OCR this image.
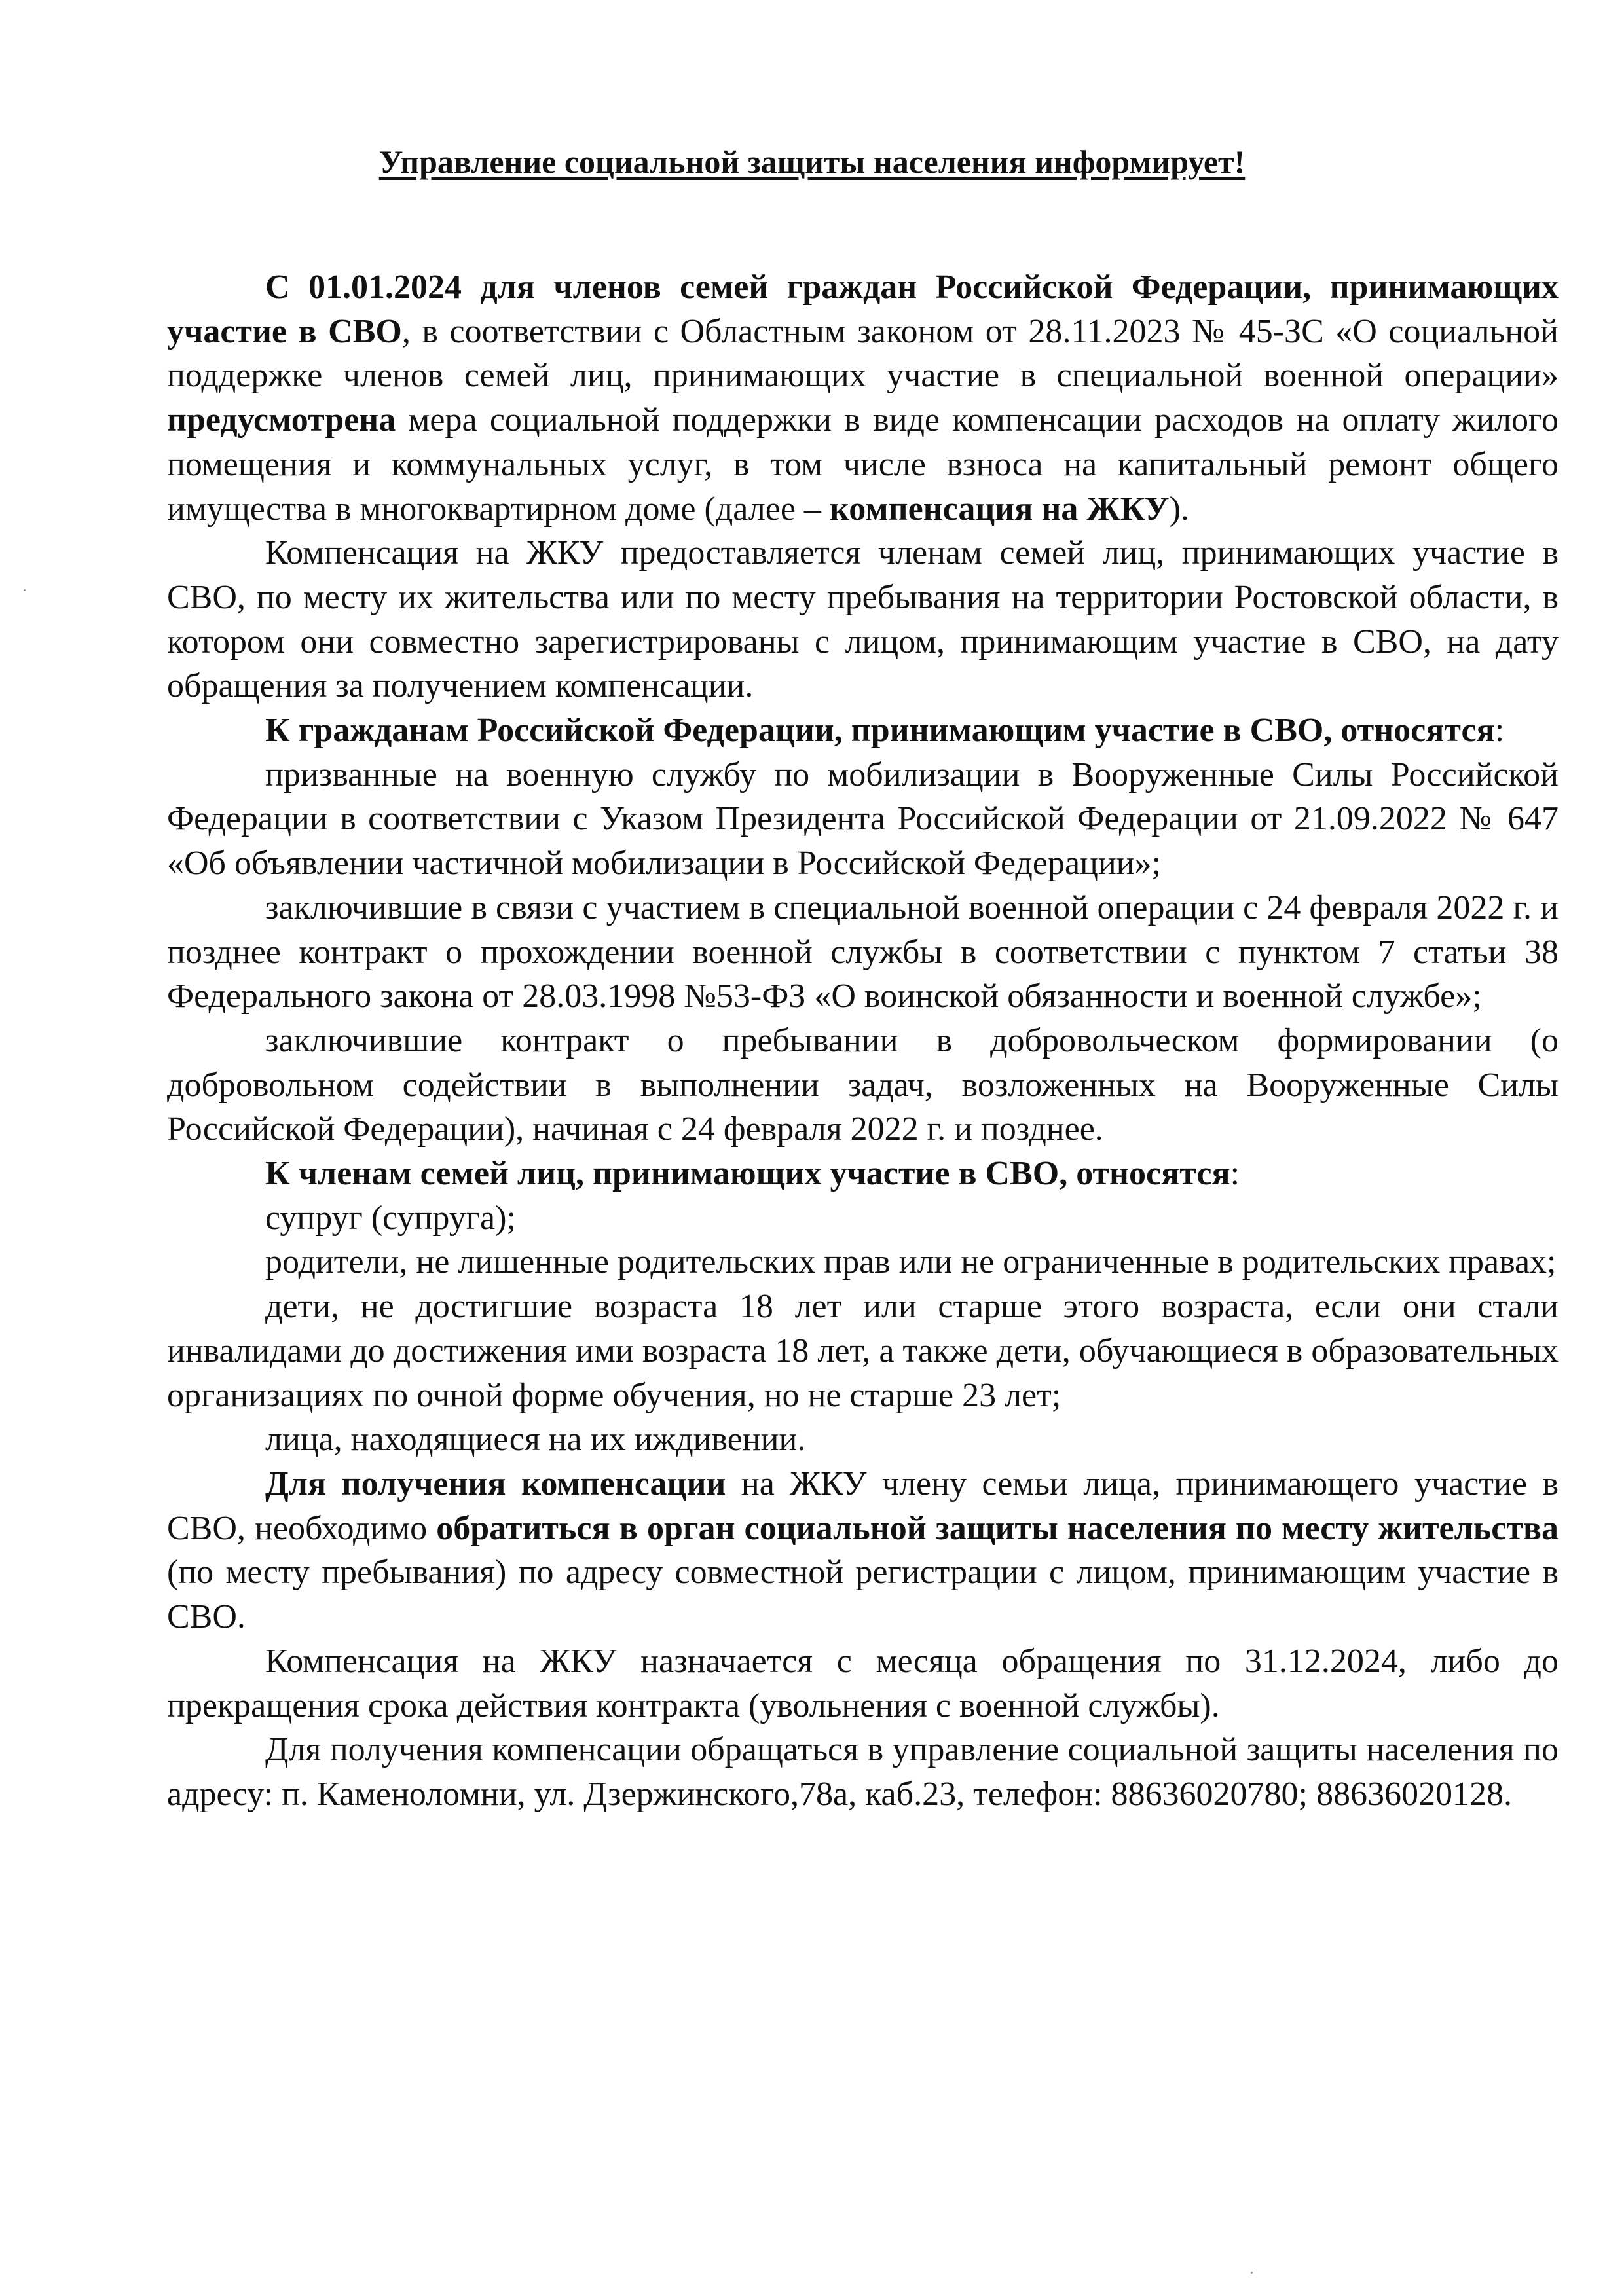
Управление социальной защиты населения информирует!

С 01.01.2024 для членов семей граждан Российской Федерации, принимающих участие в СВО, в соответствии с Областным законом от 28.11.2023 № 45-ЗС «О социальной поддержке членов семей лиц, принимающих участие в специальной военной операции» предусмотрена мера социальной поддержки в виде компенсации расходов на оплату жилого помещения и коммунальных услуг, в том числе взноса на капитальный ремонт общего имущества в многоквартирном доме (далее – компенсация на ЖКУ).

Компенсация на ЖКУ предоставляется членам семей лиц, принимающих участие в СВО, по месту их жительства или по месту пребывания на территории Ростовской области, в котором они совместно зарегистрированы с лицом, принимающим участие в СВО, на дату обращения за получением компенсации.

К гражданам Российской Федерации, принимающим участие в СВО, относятся:

призванные на военную службу по мобилизации в Вооруженные Силы Российской Федерации в соответствии с Указом Президента Российской Федерации от 21.09.2022 № 647 «Об объявлении частичной мобилизации в Российской Федерации»;

заключившие в связи с участием в специальной военной операции с 24 февраля 2022 г. и позднее контракт о прохождении военной службы в соответствии с пунктом 7 статьи 38 Федерального закона от 28.03.1998 №53-ФЗ «О воинской обязанности и военной службе»;

заключившие контракт о пребывании в добровольческом формировании (о добровольном содействии в выполнении задач, возложенных на Вооруженные Силы Российской Федерации), начиная с 24 февраля 2022 г. и позднее.

К членам семей лиц, принимающих участие в СВО, относятся:

супруг (супруга);

родители, не лишенные родительских прав или не ограниченные в родительских правах;

дети, не достигшие возраста 18 лет или старше этого возраста, если они стали инвалидами до достижения ими возраста 18 лет, а также дети, обучающиеся в образовательных организациях по очной форме обучения, но не старше 23 лет;

лица, находящиеся на их иждивении.

Для получения компенсации на ЖКУ члену семьи лица, принимающего участие в СВО, необходимо обратиться в орган социальной защиты населения по месту жительства (по месту пребывания) по адресу совместной регистрации с лицом, принимающим участие в СВО.

Компенсация на ЖКУ назначается с месяца обращения по 31.12.2024, либо до прекращения срока действия контракта (увольнения с военной службы).

Для получения компенсации обращаться в управление социальной защиты населения по адресу: п. Каменоломни, ул. Дзержинского,78а, каб.23, телефон: 88636020780; 88636020128.
